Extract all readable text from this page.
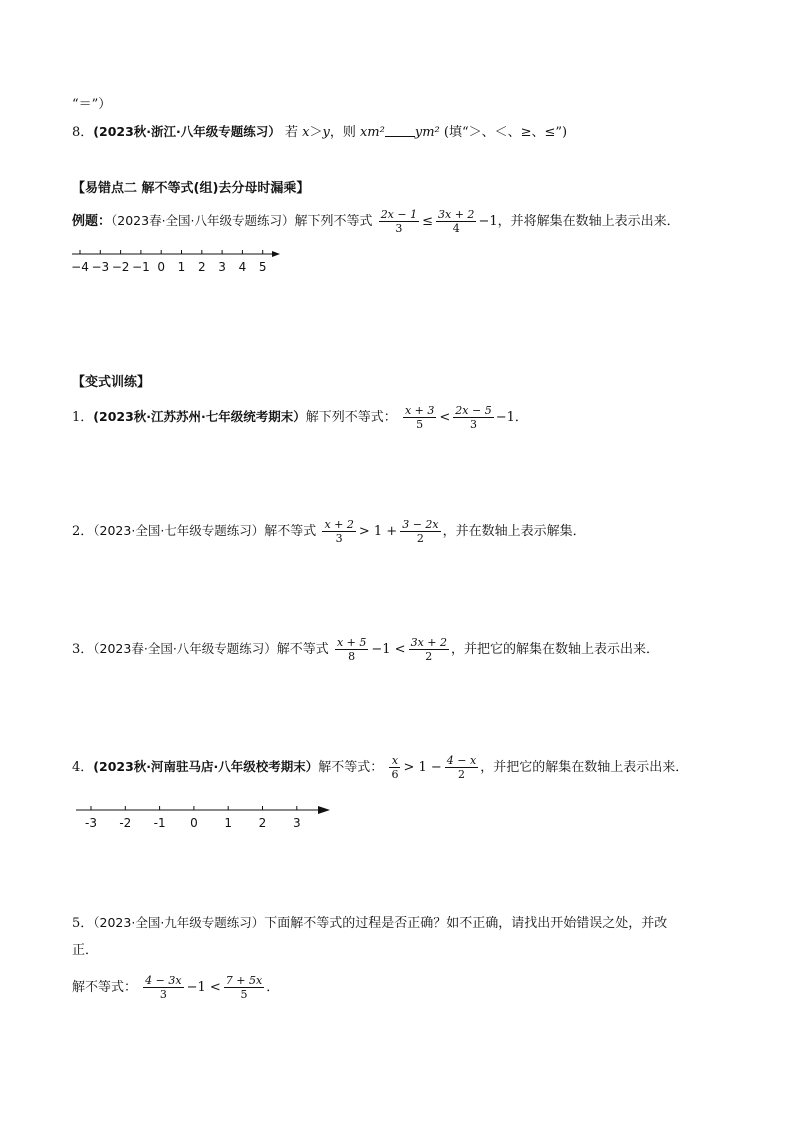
“＝”）
8．(2023秋·浙江·八年级专题练习） 若 x＞y，则 xm² ym² (填“＞、＜、≥、≤”)
【易错点二 解不等式(组)去分母时漏乘】
例题：（2023春·全国·八年级专题练习）解下列不等式 $\frac{2x - 1}{3} \le \frac{3x + 2}{4} -1$，并将解集在数轴上表示出来．
−4 −3 −2 −1 0 1 2 3 4 5
【变式训练】
1．(2023秋·江苏苏州·七年级统考期末）解下列不等式： $\frac{x + 3}{5} < \frac{2x - 5}{3} -1$．
2．（2023·全国·七年级专题练习）解不等式 $\frac{x + 2}{3} > 1 + \frac{3 - 2x}{2}$ ，并在数轴上表示解集．
3．（2023春·全国·八年级专题练习）解不等式 $\frac{x + 5}{8} -1 < \frac{3x + 2}{2}$ ，并把它的解集在数轴上表示出来．
4．(2023秋·河南驻马店·八年级校考期末）解不等式： $\frac{x}{6} > 1 - \frac{4 - x}{2}$ ，并把它的解集在数轴上表示出来．
-3 -2 -1 0 1 2 3
5．（2023·全国·九年级专题练习）下面解不等式的过程是否正确？如不正确，请找出开始错误之处，并改
正．
解不等式： $\frac{4 - 3x}{3} -1 < \frac{7 + 5x}{5}$ ．
